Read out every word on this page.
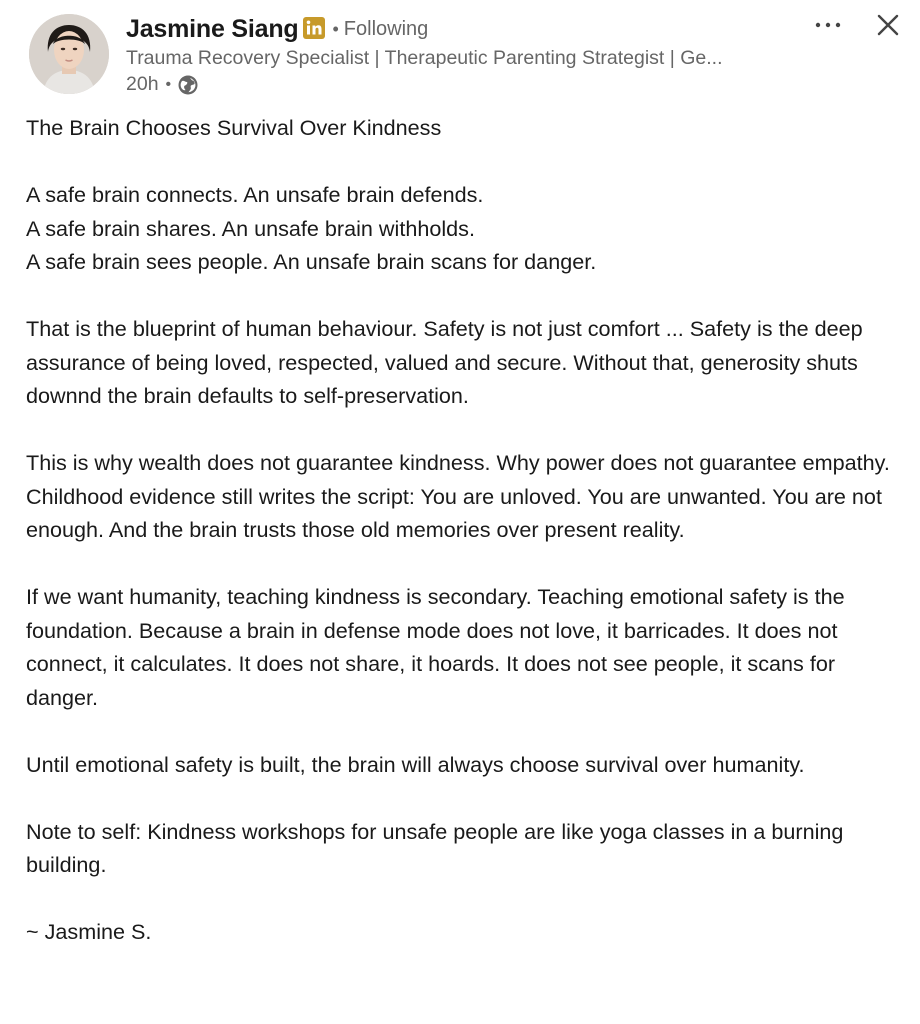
Jasmine Siang • Following
Trauma Recovery Specialist | Therapeutic Parenting Strategist | Ge...
20h •

The Brain Chooses Survival Over Kindness

A safe brain connects. An unsafe brain defends.
A safe brain shares. An unsafe brain withholds.
A safe brain sees people. An unsafe brain scans for danger.

That is the blueprint of human behaviour. Safety is not just comfort ... Safety is the deep assurance of being loved, respected, valued and secure. Without that, generosity shuts downnd the brain defaults to self-preservation.

This is why wealth does not guarantee kindness. Why power does not guarantee empathy. Childhood evidence still writes the script: You are unloved. You are unwanted. You are not enough. And the brain trusts those old memories over present reality.

If we want humanity, teaching kindness is secondary. Teaching emotional safety is the foundation. Because a brain in defense mode does not love, it barricades. It does not connect, it calculates. It does not share, it hoards. It does not see people, it scans for danger.

Until emotional safety is built, the brain will always choose survival over humanity.

Note to self: Kindness workshops for unsafe people are like yoga classes in a burning building.

~ Jasmine S.
